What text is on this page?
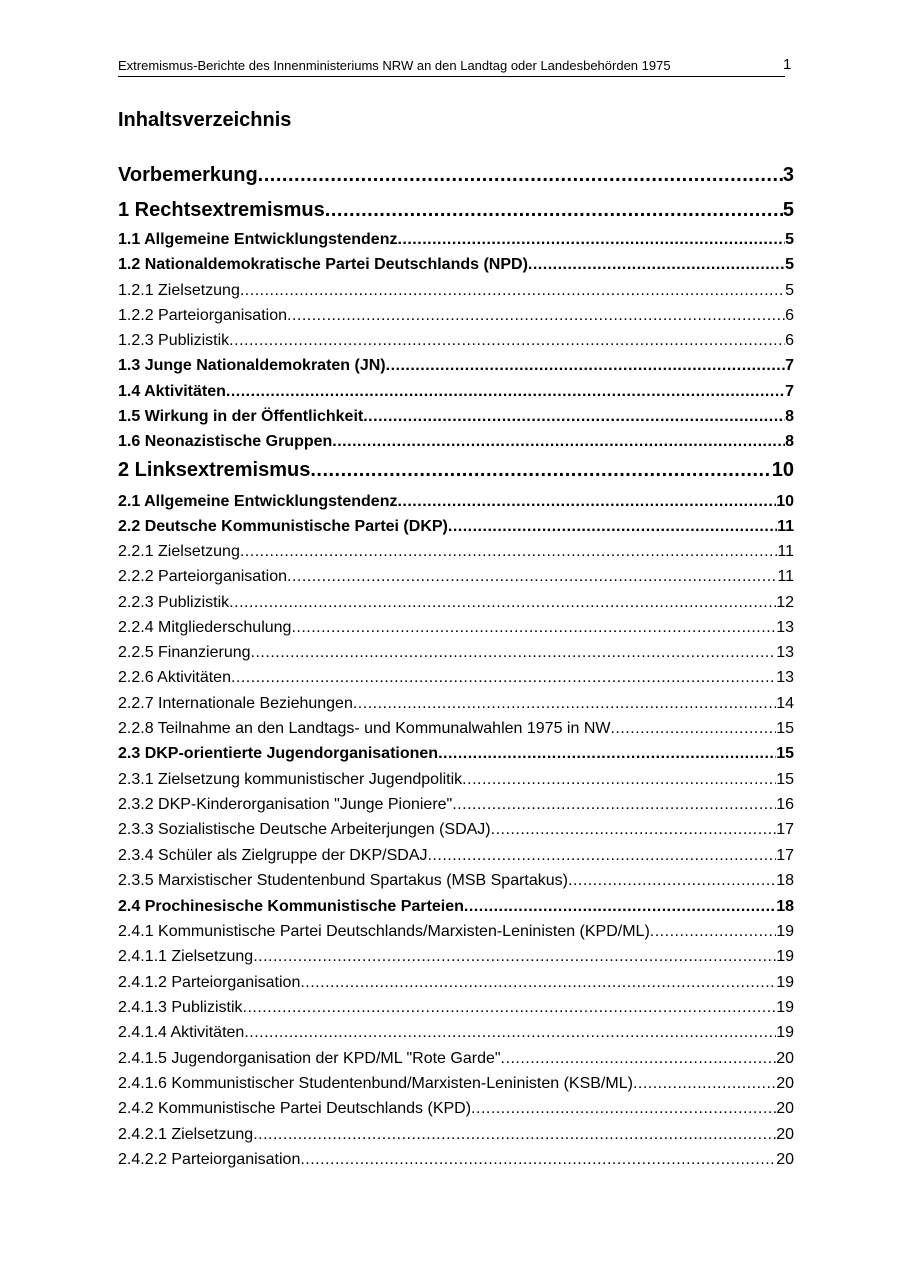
Extremismus-Berichte des Innenministeriums NRW an den Landtag oder Landesbehörden 1975	1
Inhaltsverzeichnis
Vorbemerkung .....	3
1 Rechtsextremismus .....	5
1.1 Allgemeine Entwicklungstendenz .....	5
1.2 Nationaldemokratische Partei Deutschlands (NPD) .....	5
1.2.1 Zielsetzung .....	5
1.2.2 Parteiorganisation .....	6
1.2.3 Publizistik .....	6
1.3 Junge Nationaldemokraten (JN) .....	7
1.4 Aktivitäten .....	7
1.5 Wirkung in der Öffentlichkeit .....	8
1.6 Neonazistische Gruppen .....	8
2 Linksextremismus .....	10
2.1 Allgemeine Entwicklungstendenz .....	10
2.2 Deutsche Kommunistische Partei (DKP) .....	11
2.2.1 Zielsetzung .....	11
2.2.2 Parteiorganisation .....	11
2.2.3 Publizistik .....	12
2.2.4 Mitgliederschulung .....	13
2.2.5 Finanzierung .....	13
2.2.6 Aktivitäten .....	13
2.2.7 Internationale Beziehungen .....	14
2.2.8 Teilnahme an den Landtags- und Kommunalwahlen 1975 in NW .....	15
2.3 DKP-orientierte Jugendorganisationen .....	15
2.3.1 Zielsetzung kommunistischer Jugendpolitik .....	15
2.3.2 DKP-Kinderorganisation "Junge Pioniere" .....	16
2.3.3 Sozialistische Deutsche Arbeiterjungen (SDAJ) .....	17
2.3.4 Schüler als Zielgruppe der DKP/SDAJ .....	17
2.3.5 Marxistischer Studentenbund Spartakus (MSB Spartakus) .....	18
2.4 Prochinesische Kommunistische Parteien .....	18
2.4.1 Kommunistische Partei Deutschlands/Marxisten-Leninisten (KPD/ML) .....	19
2.4.1.1 Zielsetzung .....	19
2.4.1.2 Parteiorganisation .....	19
2.4.1.3 Publizistik .....	19
2.4.1.4 Aktivitäten .....	19
2.4.1.5 Jugendorganisation der KPD/ML "Rote Garde" .....	20
2.4.1.6 Kommunistischer Studentenbund/Marxisten-Leninisten (KSB/ML) .....	20
2.4.2 Kommunistische Partei Deutschlands (KPD) .....	20
2.4.2.1 Zielsetzung .....	20
2.4.2.2 Parteiorganisation .....	20
